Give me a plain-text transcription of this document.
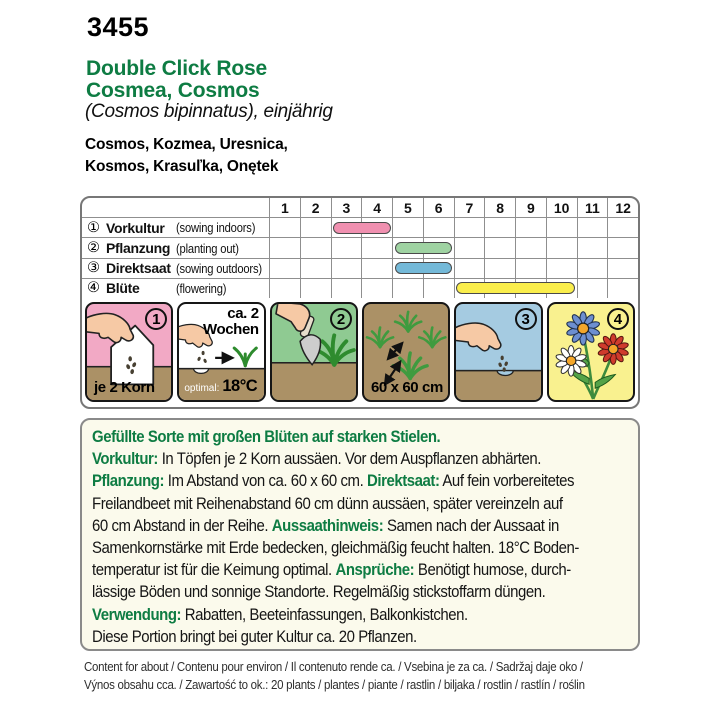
3455
Double Click Rose
Cosmea, Cosmos
(Cosmos bipinnatus), einjährig
Cosmos, Kozmea, Uresnica,
Kosmos, Krasuľka, Onętek
1	2	3	4	5	6	7	8	9	10	11	12
① Vorkultur (sowing indoors)
② Pflanzung (planting out)
③ Direktsaat (sowing outdoors)
④ Blüte	(flowering)
1
je 2 Korn
ca. 2
Wochen
optimal: 18°C
2
60 x 60 cm
3	4
Gefüllte Sorte mit großen Blüten auf starken Stielen.
Vorkultur: In Töpfen je 2 Korn aussäen. Vor dem Auspflanzen abhärten.
Pflanzung: Im Abstand von ca. 60 x 60 cm. Direktsaat: Auf fein vorbereitetes
Freilandbeet mit Reihenabstand 60 cm dünn aussäen, später vereinzeln auf
60 cm Abstand in der Reihe. Aussaathinweis: Samen nach der Aussaat in
Samenkornstärke mit Erde bedecken, gleichmäßig feucht halten. 18°C Boden-
temperatur ist für die Keimung optimal. Ansprüche: Benötigt humose, durch-
lässige Böden und sonnige Standorte. Regelmäßig stickstoffarm düngen.
Verwendung: Rabatten, Beeteinfassungen, Balkonkistchen.
Diese Portion bringt bei guter Kultur ca. 20 Pflanzen.
Content for about / Contenu pour environ / Il contenuto rende ca. / Vsebina je za ca. / Sadržaj daje oko /
Výnos obsahu cca. / Zawartość to ok.: 20 plants / plantes / piante / rastlin / biljaka / rostlin / rastlín / roślin
